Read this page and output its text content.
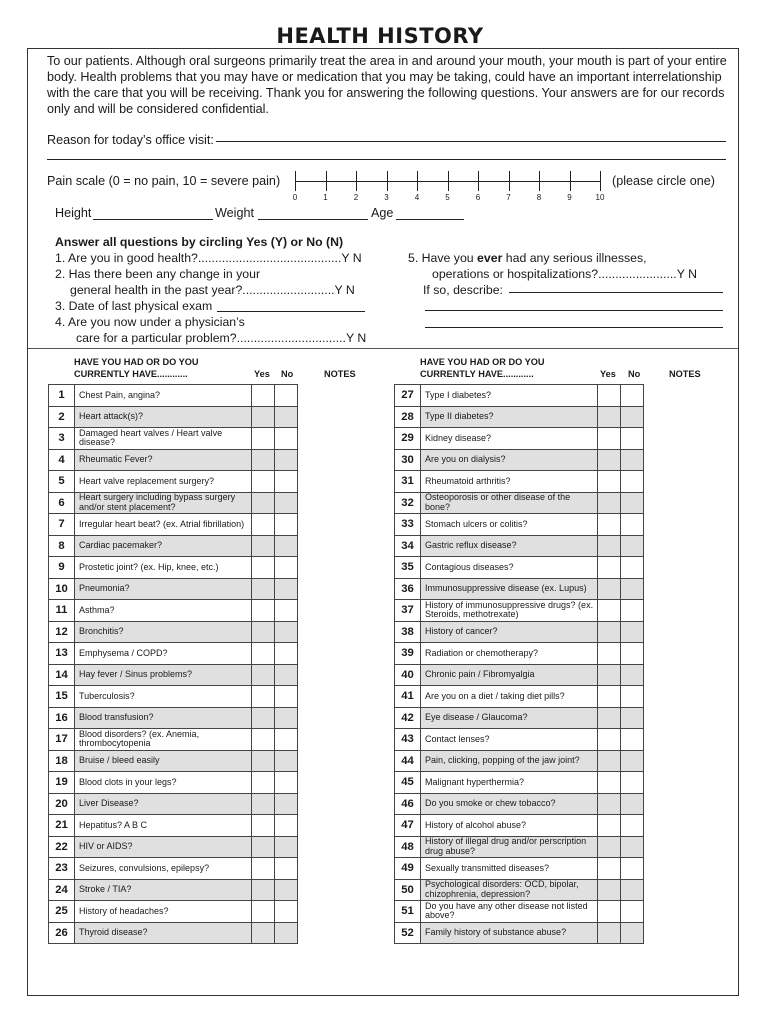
HEALTH HISTORY
To our patients. Although oral surgeons primarily treat the area in and around your mouth, your mouth is part of your entire body. Health problems that you may have or medication that you may be taking, could have an important interrelationship with the care that you will be receiving. Thank you for answering the following questions. Your answers are for our records only and will be considered confidential.
Reason for today’s office visit:
Pain scale (0 = no pain, 10 = severe pain)	(please circle one)
0	1	2	3	4	5	6	7	8	9	10
Height	Weight	Age
Answer all questions by circling Yes (Y) or No (N)
1. Are you in good health?..........................................Y N
2. Has there been any change in your
general health in the past year?...........................Y N
3. Date of last physical exam
4. Are you now under a physician’s
care for a particular problem?................................Y N
5. Have you ever had any serious illnesses,
operations or hospitalizations?.......................Y N
If so, describe:
HAVE YOU HAD OR DO YOU
CURRENTLY HAVE............	Yes No	NOTES
HAVE YOU HAD OR DO YOU
CURRENTLY HAVE............	Yes No	NOTES
1	Chest Pain, angina?			
2	Heart attack(s)?			
3	Damaged heart valves / Heart valve disease?			
4	Rheumatic Fever?			
5	Heart valve replacement surgery?			
6	Heart surgery including bypass surgery and/or stent placement?			
7	Irregular heart beat? (ex. Atrial fibrillation)			
8	Cardiac pacemaker?			
9	Prostetic joint? (ex. Hip, knee, etc.)			
10	Pneumonia?			
11	Asthma?			
12	Bronchitis?			
13	Emphysema / COPD?			
14	Hay fever / Sinus problems?			
15	Tuberculosis?			
16	Blood transfusion?			
17	Blood disorders? (ex. Anemia, thrombocytopenia			
18	Bruise / bleed easily			
19	Blood clots in your legs?			
20	Liver Disease?			
21	Hepatitus? A B C			
22	HIV or AIDS?			
23	Seizures, convulsions, epilepsy?			
24	Stroke / TIA?			
25	History of headaches?			
26	Thyroid disease?			
27	Type I diabetes?			
28	Type II diabetes?			
29	Kidney disease?			
30	Are you on dialysis?			
31	Rheumatoid arthritis?			
32	Osteoporosis or other disease of the bone?			
33	Stomach ulcers or colitis?			
34	Gastric reflux disease?			
35	Contagious diseases?			
36	Immunosuppressive disease (ex. Lupus)			
37	History of immunosuppressive drugs? (ex. Steroids, methotrexate)			
38	History of cancer?			
39	Radiation or chemotherapy?			
40	Chronic pain / Fibromyalgia			
41	Are you on a diet / taking diet pills?			
42	Eye disease / Glaucoma?			
43	Contact lenses?			
44	Pain, clicking, popping of the jaw joint?			
45	Malignant hyperthermia?			
46	Do you smoke or chew tobacco?			
47	History of alcohol abuse?			
48	History of illegal drug and/or perscription drug abuse?			
49	Sexually transmitted diseases?			
50	Psychological disorders: OCD, bipolar, chizophrenia, depression?			
51	Do you have any other disease not listed above?			
52	Family history of substance abuse?			
